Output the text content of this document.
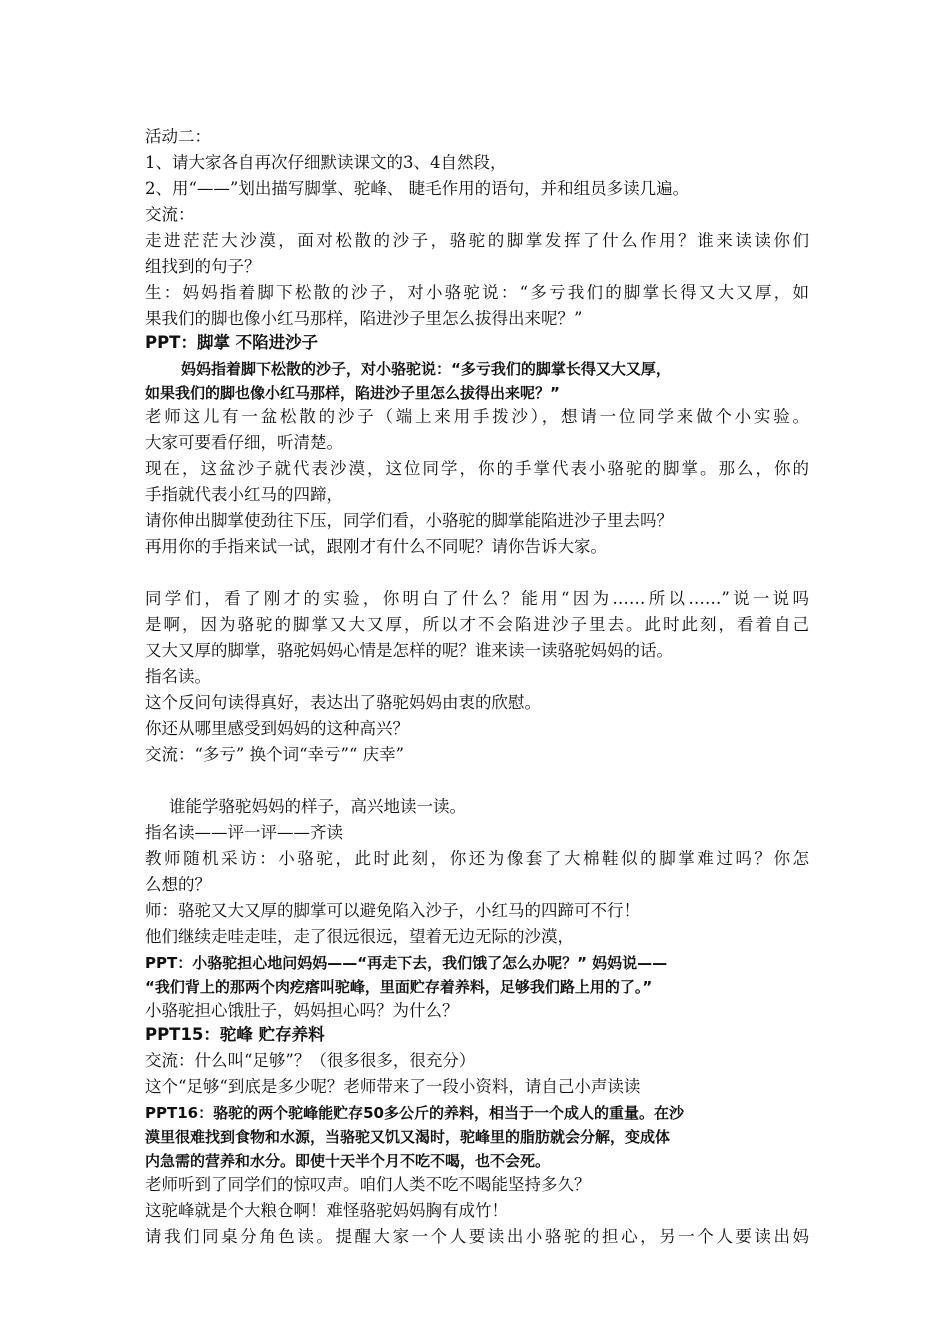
活动二：
1、请大家各自再次仔细默读课文的3、4自然段，
2、用“——”划出描写脚掌、驼峰、 睫毛作用的语句，并和组员多读几遍。
交流：
走进茫茫大沙漠，面对松散的沙子，骆驼的脚掌发挥了什么作用？谁来读读你们
组找到的句子？
生：妈妈指着脚下松散的沙子，对小骆驼说：“多亏我们的脚掌长得又大又厚，如
果我们的脚也像小红马那样，陷进沙子里怎么拔得出来呢？”
PPT：脚掌 不陷进沙子
妈妈指着脚下松散的沙子，对小骆驼说：“多亏我们的脚掌长得又大又厚，
如果我们的脚也像小红马那样，陷进沙子里怎么拔得出来呢？”
老师这儿有一盆松散的沙子（端上来用手拨沙），想请一位同学来做个小实验。
大家可要看仔细，听清楚。
现在，这盆沙子就代表沙漠，这位同学，你的手掌代表小骆驼的脚掌。那么，你的
手指就代表小红马的四蹄，
请你伸出脚掌使劲往下压，同学们看，小骆驼的脚掌能陷进沙子里去吗？
再用你的手指来试一试，跟刚才有什么不同呢？请你告诉大家。
同学们，看了刚才的实验，你明白了什么？能用“因为……所以……”说一说吗
是啊，因为骆驼的脚掌又大又厚，所以才不会陷进沙子里去。此时此刻，看着自己
又大又厚的脚掌，骆驼妈妈心情是怎样的呢？谁来读一读骆驼妈妈的话。
指名读。
这个反问句读得真好，表达出了骆驼妈妈由衷的欣慰。
你还从哪里感受到妈妈的这种高兴？
交流：“多亏” 换个词“幸亏”“ 庆幸”
谁能学骆驼妈妈的样子，高兴地读一读。
指名读——评一评——齐读
教师随机采访：小骆驼，此时此刻，你还为像套了大棉鞋似的脚掌难过吗？你怎
么想的？
师：骆驼又大又厚的脚掌可以避免陷入沙子，小红马的四蹄可不行！
他们继续走哇走哇，走了很远很远，望着无边无际的沙漠，
PPT：小骆驼担心地问妈妈——“再走下去，我们饿了怎么办呢？” 妈妈说——
“我们背上的那两个肉疙瘩叫驼峰，里面贮存着养料，足够我们路上用的了。”
小骆驼担心饿肚子，妈妈担心吗？为什么？
PPT15：驼峰 贮存养料
交流：什么叫“足够”？（很多很多，很充分）
这个“足够“到底是多少呢？老师带来了一段小资料，请自己小声读读
PPT16：骆驼的两个驼峰能贮存50多公斤的养料，相当于一个成人的重量。在沙
漠里很难找到食物和水源，当骆驼又饥又渴时，驼峰里的脂肪就会分解，变成体
内急需的营养和水分。即使十天半个月不吃不喝，也不会死。
老师听到了同学们的惊叹声。咱们人类不吃不喝能坚持多久？
这驼峰就是个大粮仓啊！难怪骆驼妈妈胸有成竹！
请我们同桌分角色读。提醒大家一个人要读出小骆驼的担心，另一个人要读出妈
